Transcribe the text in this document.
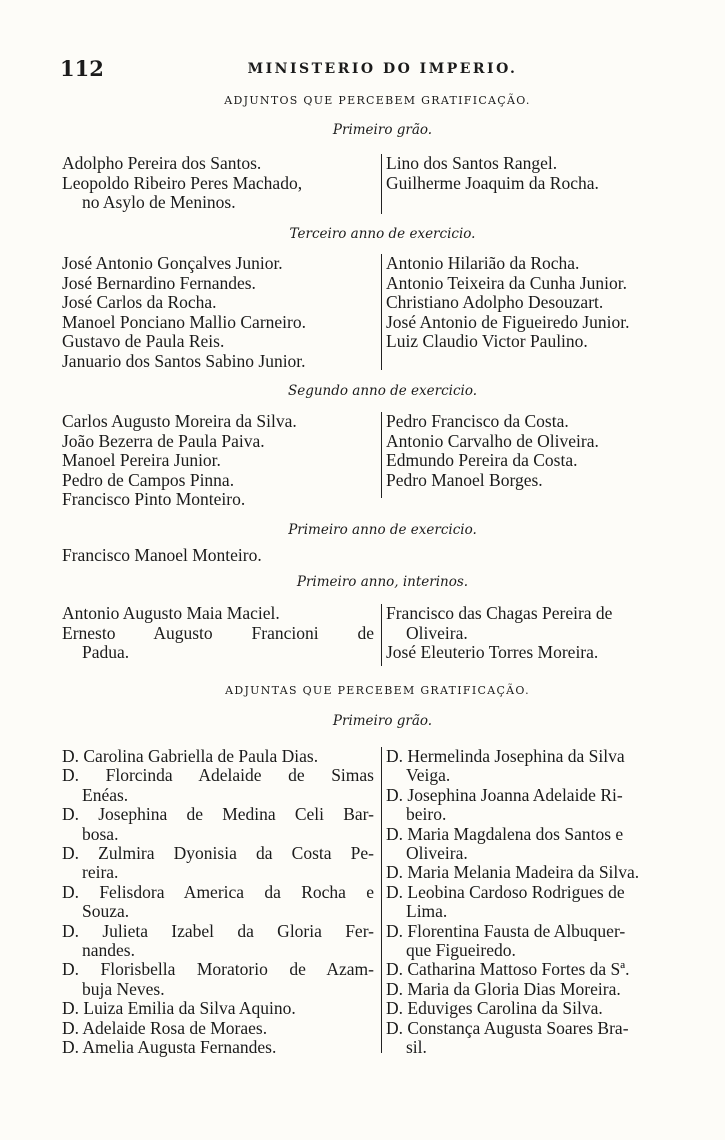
112	MINISTERIO DO IMPERIO.
ADJUNTOS QUE PERCEBEM GRATIFICAÇÃO.
Primeiro grão.
Adolpho Pereira dos Santos.
Leopoldo Ribeiro Peres Machado,
no Asylo de Meninos.
Lino dos Santos Rangel.
Guilherme Joaquim da Rocha.
Terceiro anno de exercicio.
José Antonio Gonçalves Junior.
José Bernardino Fernandes.
José Carlos da Rocha.
Manoel Ponciano Mallio Carneiro.
Gustavo de Paula Reis.
Januario dos Santos Sabino Junior.
Antonio Hilarião da Rocha.
Antonio Teixeira da Cunha Junior.
Christiano Adolpho Desouzart.
José Antonio de Figueiredo Junior.
Luiz Claudio Victor Paulino.
Segundo anno de exercicio.
Carlos Augusto Moreira da Silva.
João Bezerra de Paula Paiva.
Manoel Pereira Junior.
Pedro de Campos Pinna.
Francisco Pinto Monteiro.
Pedro Francisco da Costa.
Antonio Carvalho de Oliveira.
Edmundo Pereira da Costa.
Pedro Manoel Borges.
Primeiro anno de exercicio.
Francisco Manoel Monteiro.
Primeiro anno, interinos.
Antonio Augusto Maia Maciel.
Ernesto Augusto Francioni de
Padua.
Francisco das Chagas Pereira de
Oliveira.
José Eleuterio Torres Moreira.
ADJUNTAS QUE PERCEBEM GRATIFICAÇÃO.
Primeiro grão.
D. Carolina Gabriella de Paula Dias.
D. Florcinda Adelaide de Simas
Enéas.
D. Josephina de Medina Celi Bar-
bosa.
D. Zulmira Dyonisia da Costa Pe-
reira.
D. Felisdora America da Rocha e
Souza.
D. Julieta Izabel da Gloria Fer-
nandes.
D. Florisbella Moratorio de Azam-
buja Neves.
D. Luiza Emilia da Silva Aquino.
D. Adelaide Rosa de Moraes.
D. Amelia Augusta Fernandes.
D. Hermelinda Josephina da Silva
Veiga.
D. Josephina Joanna Adelaide Ri-
beiro.
D. Maria Magdalena dos Santos e
Oliveira.
D. Maria Melania Madeira da Silva.
D. Leobina Cardoso Rodrigues de
Lima.
D. Florentina Fausta de Albuquer-
que Figueiredo.
D. Catharina Mattoso Fortes da Sª.
D. Maria da Gloria Dias Moreira.
D. Eduviges Carolina da Silva.
D. Constança Augusta Soares Bra-
sil.
